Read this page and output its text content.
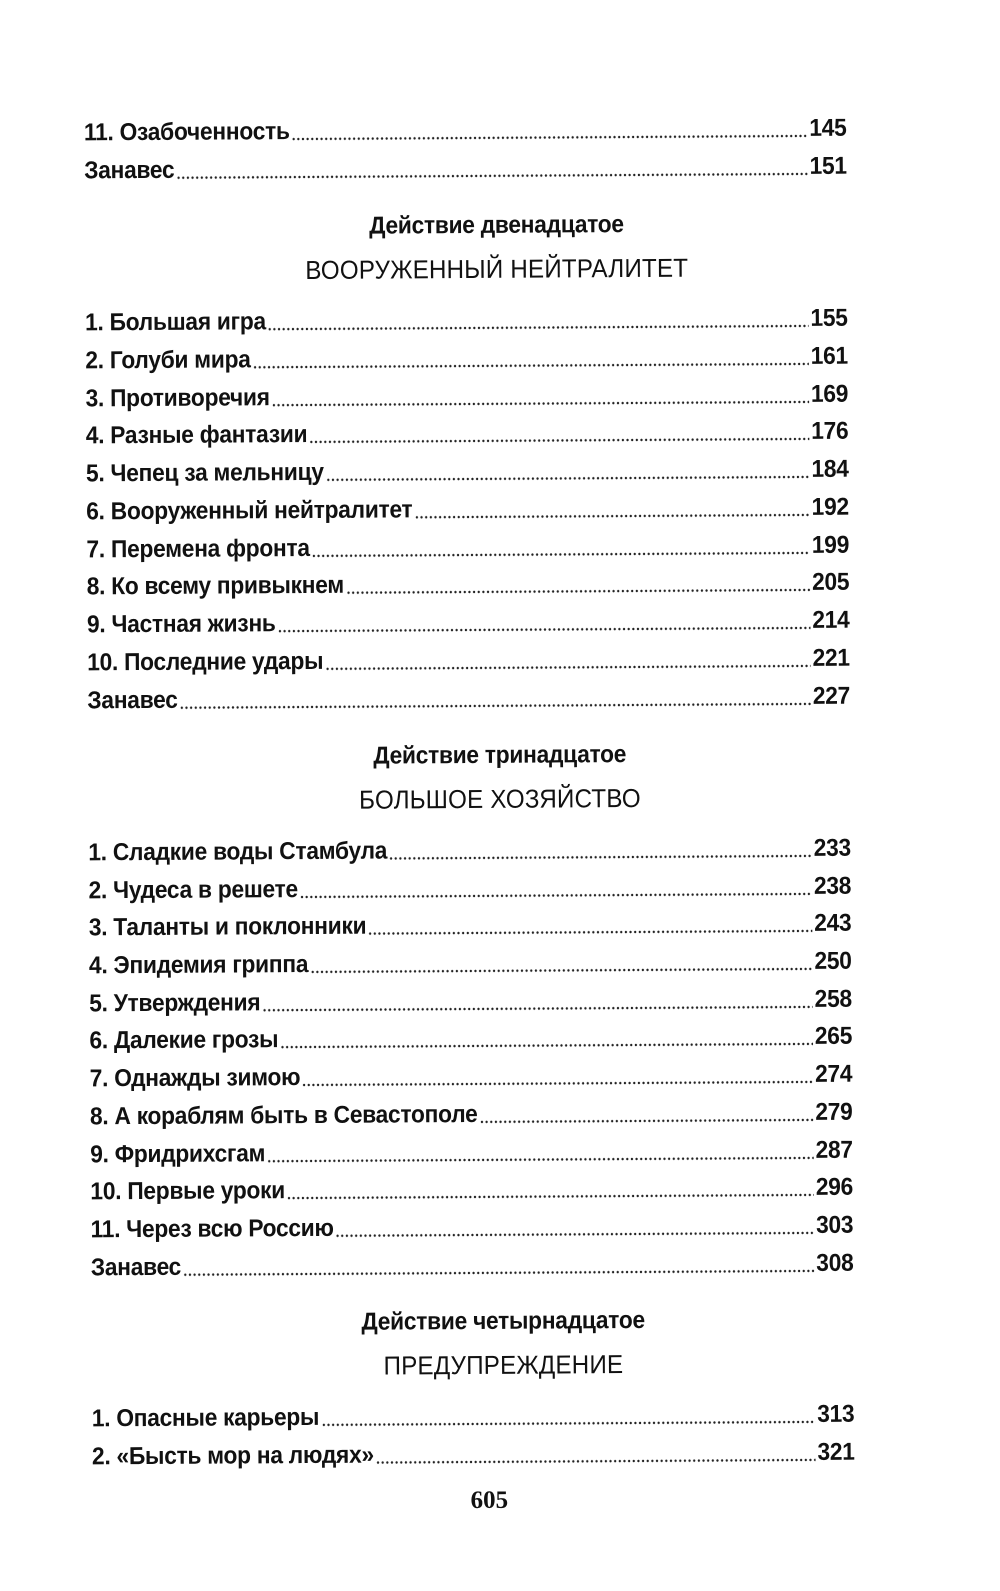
11. Озабоченность	145
Занавес	151
Действие двенадцатое
ВООРУЖЕННЫЙ НЕЙТРАЛИТЕТ
1. Большая игра	155
2. Голуби мира	161
3. Противоречия	169
4. Разные фантазии	176
5. Чепец за мельницу	184
6. Вооруженный нейтралитет	192
7. Перемена фронта	199
8. Ко всему привыкнем	205
9. Частная жизнь	214
10. Последние удары	221
Занавес	227
Действие тринадцатое
БОЛЬШОЕ ХОЗЯЙСТВО
1. Сладкие воды Стамбула	233
2. Чудеса в решете	238
3. Таланты и поклонники	243
4. Эпидемия гриппа	250
5. Утверждения	258
6. Далекие грозы	265
7. Однажды зимою	274
8. А кораблям быть в Севастополе	279
9. Фридрихсгам	287
10. Первые уроки	296
11. Через всю Россию	303
Занавес	308
Действие четырнадцатое
ПРЕДУПРЕЖДЕНИЕ
1. Опасные карьеры	313
2. «Бысть мор на людях»	321
605
